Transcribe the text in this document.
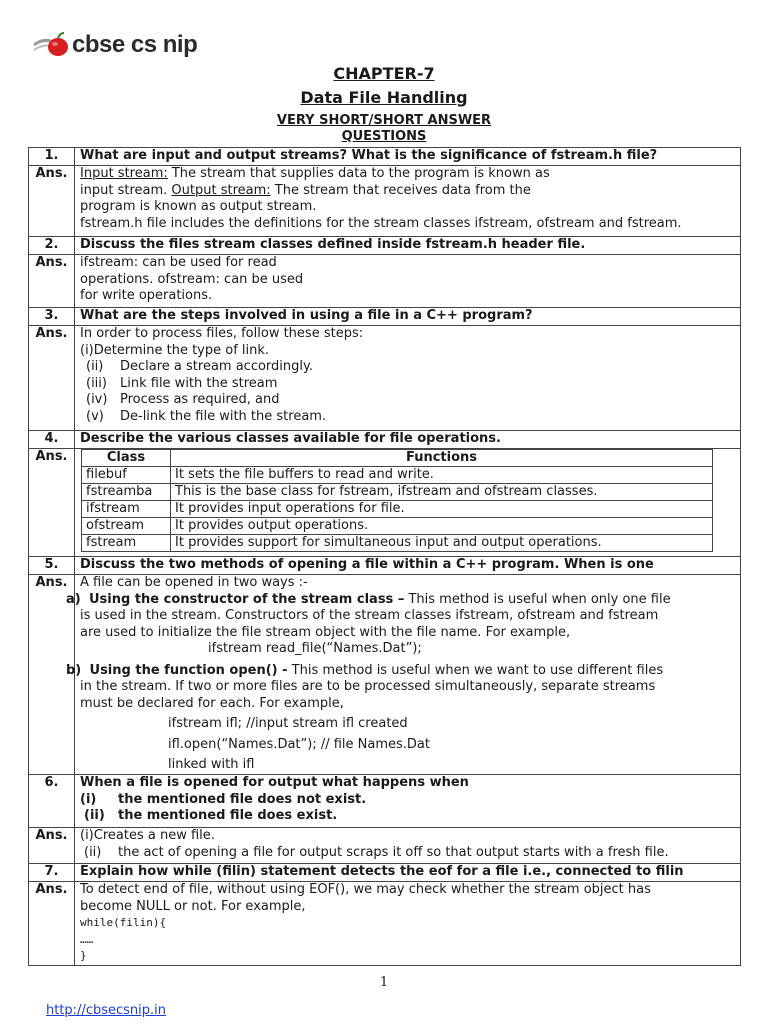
cbse cs nip
CHAPTER-7
Data File Handling
VERY SHORT/SHORT ANSWER
QUESTIONS
1.	What are input and output streams? What is the significance of fstream.h file?
Ans.	Input stream: The stream that supplies data to the program is known as
input stream. Output stream: The stream that receives data from the
program is known as output stream.
fstream.h file includes the definitions for the stream classes ifstream, ofstream and fstream.
2.	Discuss the files stream classes defined inside fstream.h header file.
Ans.	ifstream: can be used for read
operations. ofstream: can be used
for write operations.
3.	What are the steps involved in using a file in a C++ program?
Ans.	In order to process files, follow these steps:
(i)Determine the type of link.
(ii) Declare a stream accordingly.
(iii) Link file with the stream
(iv) Process as required, and
(v) De-link the file with the stream.

4.	Describe the various classes available for file operations.
Ans.		Class	Functions
filebuf	It sets the file buffers to read and write.
fstreamba	This is the base class for fstream, ifstream and ofstream classes.
ifstream	It provides input operations for file.
ofstream	It provides output operations.
fstream	It provides support for simultaneous input and output operations.

5.	Discuss the two methods of opening a file within a C++ program. When is one
Ans.	A file can be opened in two ways :-
a) Using the constructor of the stream class – This method is useful when only one file
is used in the stream. Constructors of the stream classes ifstream, ofstream and fstream
are used to initialize the file stream object with the file name. For example,
ifstream read_file(“Names.Dat”);

b) Using the function open() - This method is useful when we want to use different files
in the stream. If two or more files are to be processed simultaneously, separate streams
must be declared for each. For example,

ifstream ifl; //input stream ifl created

ifl.open(“Names.Dat”); // file Names.Dat

linked with ifl
6.	When a file is opened for output what happens when
(i) the mentioned file does not exist.
(ii) the mentioned file does exist.
Ans.	(i)Creates a new file.
(ii) the act of opening a file for output scraps it off so that output starts with a fresh file.
7.	Explain how while (filin) statement detects the eof for a file i.e., connected to filin
Ans.	To detect end of file, without using EOF(), we may check whether the stream object has
become NULL or not. For example,
while(filin){
……
}
1
http://cbsecsnip.in
